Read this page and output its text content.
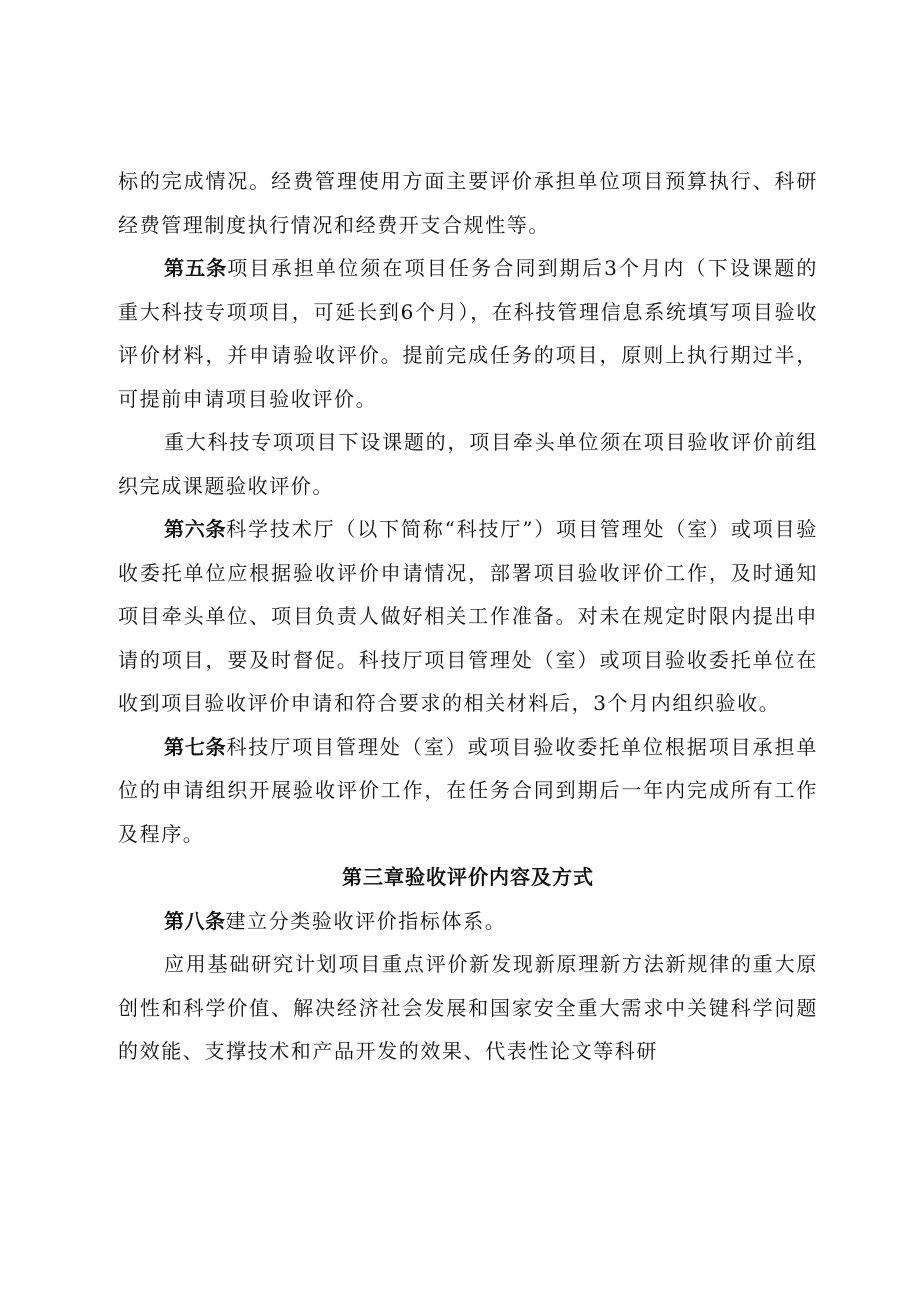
标的完成情况。经费管理使用方面主要评价承担单位项目预算执行、科研经费管理制度执行情况和经费开支合规性等。

第五条项目承担单位须在项目任务合同到期后3个月内（下设课题的重大科技专项项目，可延长到6个月），在科技管理信息系统填写项目验收评价材料，并申请验收评价。提前完成任务的项目，原则上执行期过半，可提前申请项目验收评价。

重大科技专项项目下设课题的，项目牵头单位须在项目验收评价前组织完成课题验收评价。

第六条科学技术厅（以下简称“科技厅”）项目管理处（室）或项目验收委托单位应根据验收评价申请情况，部署项目验收评价工作，及时通知项目牵头单位、项目负责人做好相关工作准备。对未在规定时限内提出申请的项目，要及时督促。科技厅项目管理处（室）或项目验收委托单位在收到项目验收评价申请和符合要求的相关材料后，3个月内组织验收。

第七条科技厅项目管理处（室）或项目验收委托单位根据项目承担单位的申请组织开展验收评价工作，在任务合同到期后一年内完成所有工作及程序。

第三章验收评价内容及方式

第八条建立分类验收评价指标体系。

应用基础研究计划项目重点评价新发现新原理新方法新规律的重大原创性和科学价值、解决经济社会发展和国家安全重大需求中关键科学问题的效能、支撑技术和产品开发的效果、代表性论文等科研
